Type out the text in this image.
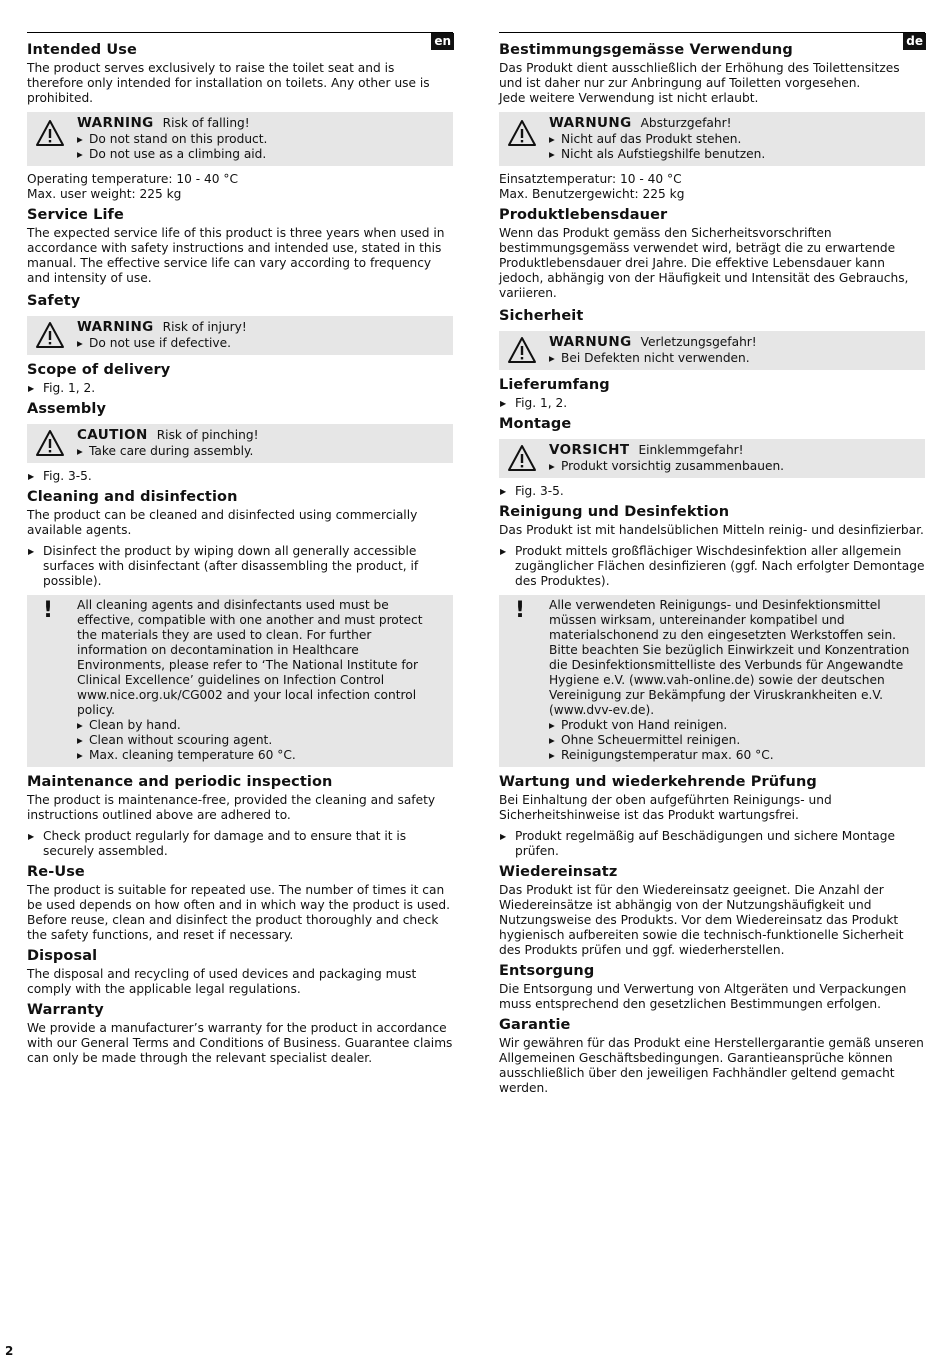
en
Intended Use

The product serves exclusively to raise the toilet seat and is therefore only intended for installation on toilets. Any other use is prohibited.

WARNING Risk of falling!
▶ Do not stand on this product.
▶ Do not use as a climbing aid.

Operating temperature: 10 - 40 °C

Max. user weight: 225 kg

Service Life

The expected service life of this product is three years when used in accordance with safety instructions and intended use, stated in this manual. The effective service life can vary according to frequency and intensity of use.

Safety
WARNING Risk of injury!
▶ Do not use if defective.
Scope of delivery
▶ Fig. 1, 2.
Assembly
CAUTION Risk of pinching!
▶ Take care during assembly.
▶ Fig. 3-5.
Cleaning and disinfection

The product can be cleaned and disinfected using commercially available agents.

▶ Disinfect the product by wiping down all generally accessible surfaces with disinfectant (after disassembling the product, if possible).
! All cleaning agents and disinfectants used must be effective, compatible with one another and must protect the materials they are used to clean. For further information on decontamination in Healthcare Environments, please refer to ‘The National Institute for Clinical Excellence’ guidelines on Infection Control www.nice.org.uk/CG002 and your local infection control policy.
▶ Clean by hand.
▶ Clean without scouring agent.
▶ Max. cleaning temperature 60 °C.
Maintenance and periodic inspection

The product is maintenance-free, provided the cleaning and safety instructions outlined above are adhered to.

▶ Check product regularly for damage and to ensure that it is securely assembled.
Re-Use

The product is suitable for repeated use. The number of times it can be used depends on how often and in which way the product is used. Before reuse, clean and disinfect the product thoroughly and check the safety functions, and reset if necessary.

Disposal

The disposal and recycling of used devices and packaging must comply with the applicable legal regulations.

Warranty

We provide a manufacturer’s warranty for the product in accordance with our General Terms and Conditions of Business. Guarantee claims can only be made through the relevant specialist dealer.

de
Bestimmungsgemässe Verwendung

Das Produkt dient ausschließlich der Erhöhung des Toilettensitzes und ist daher nur zur Anbringung auf Toiletten vorgesehen.

Jede weitere Verwendung ist nicht erlaubt.

WARNUNG Absturzgefahr!
▶ Nicht auf das Produkt stehen.
▶ Nicht als Aufstiegshilfe benutzen.

Einsatztemperatur: 10 - 40 °C

Max. Benutzergewicht: 225 kg

Produktlebensdauer

Wenn das Produkt gemäss den Sicherheitsvorschriften bestimmungsgemäss verwendet wird, beträgt die zu erwartende Produktlebensdauer drei Jahre. Die effektive Lebensdauer kann jedoch, abhängig von der Häufigkeit und Intensität des Gebrauchs, variieren.

Sicherheit
WARNUNG Verletzungsgefahr!
▶ Bei Defekten nicht verwenden.
Lieferumfang
▶ Fig. 1, 2.
Montage
VORSICHT Einklemmgefahr!
▶ Produkt vorsichtig zusammenbauen.
▶ Fig. 3-5.
Reinigung und Desinfektion

Das Produkt ist mit handelsüblichen Mitteln reinig- und desinfizierbar.

▶ Produkt mittels großflächiger Wischdesinfektion aller allgemein zugänglicher Flächen desinfizieren (ggf. Nach erfolgter Demontage des Produktes).
! Alle verwendeten Reinigungs- und Desinfektionsmittel müssen wirksam, untereinander kompatibel und materialschonend zu den eingesetzten Werkstoffen sein. Bitte beachten Sie bezüglich Einwirkzeit und Konzentration die Desinfektionsmittelliste des Verbunds für Angewandte Hygiene e.V. (www.vah-online.de) sowie der deutschen Vereinigung zur Bekämpfung der Viruskrankheiten e.V. (www.dvv-ev.de).
▶ Produkt von Hand reinigen.
▶ Ohne Scheuermittel reinigen.
▶ Reinigungstemperatur max. 60 °C.
Wartung und wiederkehrende Prüfung

Bei Einhaltung der oben aufgeführten Reinigungs- und Sicherheitshinweise ist das Produkt wartungsfrei.

▶ Produkt regelmäßig auf Beschädigungen und sichere Montage prüfen.
Wiedereinsatz

Das Produkt ist für den Wiedereinsatz geeignet. Die Anzahl der Wiedereinsätze ist abhängig von der Nutzungshäufigkeit und Nutzungsweise des Produkts. Vor dem Wiedereinsatz das Produkt hygienisch aufbereiten sowie die technisch-funktionelle Sicherheit des Produkts prüfen und ggf. wiederherstellen.

Entsorgung

Die Entsorgung und Verwertung von Altgeräten und Verpackungen muss entsprechend den gesetzlichen Bestimmungen erfolgen.

Garantie

Wir gewähren für das Produkt eine Herstellergarantie gemäß unseren Allgemeinen Geschäftsbedingungen. Garantieansprüche können ausschließlich über den jeweiligen Fachhändler geltend gemacht werden.

2
